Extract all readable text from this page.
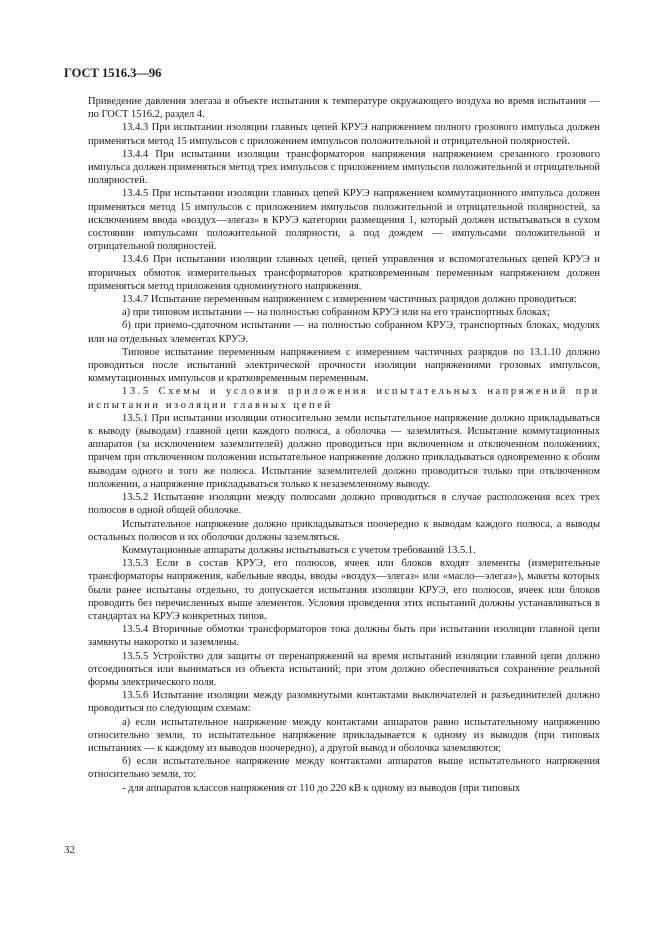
ГОСТ 1516.3—96

Приведение давления элегаза в объекте испытания к температуре окружающего воздуха во время испытания — по ГОСТ 1516.2, раздел 4.

13.4.3 При испытании изоляции главных цепей КРУЭ напряжением полного грозового импульса должен применяться метод 15 импульсов с приложением импульсов положительной и отрицательной полярностей.

13.4.4 При испытании изоляции трансформаторов напряжения напряжением срезанного грозового импульса должен применяться метод трех импульсов с приложением импульсов положительной и отрицательной полярностей.

13.4.5 При испытании изоляции главных цепей КРУЭ напряжением коммутационного импульса должен применяться метод 15 импульсов с приложением импульсов положительной и отрицательной полярностей, за исключением ввода «воздух—элегаз» в КРУЭ категории размещения 1, который должен испытываться в сухом состоянии импульсами положительной полярности, а под дождем — импульсами положительной и отрицательной полярностей.

13.4.6 При испытании изоляции главных цепей, цепей управления и вспомогательных цепей КРУЭ и вторичных обмоток измерительных трансформаторов кратковременным переменным напряжением должен применяться метод приложения одноминутного напряжения.

13.4.7 Испытание переменным напряжением с измерением частичных разрядов должно проводиться:

а) при типовом испытании — на полностью собранном КРУЭ или на его транспортных блоках;

б) при приемо-сдаточном испытании — на полностью собранном КРУЭ, транспортных блоках, модулях или на отдельных элементах КРУЭ.

Типовое испытание переменным напряжением с измерением частичных разрядов по 13.1.10 должно проводиться после испытаний электрической прочности изоляции напряжениями грозовых импульсов, коммутационных импульсов и кратковременным переменным.

13.5 Схемы и условия приложения испытательных напряжений при испытании изоляции главных цепей

13.5.1 При испытании изоляции относительно земли испытательное напряжение должно прикладываться к выводу (выводам) главной цепи каждого полюса, а оболочка — заземляться. Испытание коммутационных аппаратов (за исключением заземлителей) должно проводиться при включенном и отключенном положениях, причем при отключенном положении испытательное напряжение должно прикладываться одновременно к обоим выводам одного и того же полюса. Испытание заземлителей должно проводиться только при отключенном положении, а напряжение прикладываться только к незаземленному выводу.

13.5.2 Испытание изоляции между полюсами должно проводиться в случае расположения всех трех полюсов в одной общей оболочке.

Испытательное напряжение должно прикладываться поочередно к выводам каждого полюса, а выводы остальных полюсов и их оболочки должны заземляться.

Коммутационные аппараты должны испытываться с учетом требований 13.5.1.

13.5.3 Если в состав КРУЭ, его полюсов, ячеек или блоков входят элементы (измерительные трансформаторы напряжения, кабельные вводы, вводы «воздух—элегаз» или «масло—элегаз»), макеты которых были ранее испытаны отдельно, то допускается испытания изоляции КРУЭ, его полюсов, ячеек или блоков проводить без перечисленных выше элементов. Условия проведения этих испытаний должны устанавливаться в стандартах на КРУЭ конкретных типов.

13.5.4 Вторичные обмотки трансформаторов тока должны быть при испытании изоляции главной цепи замкнуты накоротко и заземлены.

13.5.5 Устройство для защиты от перенапряжений на время испытаний изоляции главной цепи должно отсоединяться или выниматься из объекта испытаний; при этом должно обеспечиваться сохранение реальной формы электрического поля.

13.5.6 Испытание изоляции между разомкнутыми контактами выключателей и разъединителей должно проводиться по следующим схемам:

а) если испытательное напряжение между контактами аппаратов равно испытательному напряжению относительно земли, то испытательное напряжение прикладывается к одному из выводов (при типовых испытаниях — к каждому из выводов поочередно), а другой вывод и оболочка заземляются;

б) если испытательное напряжение между контактами аппаратов выше испытательного напряжения относительно земли, то:

- для аппаратов классов напряжения от 110 до 220 кВ к одному из выводов (при типовых

32
